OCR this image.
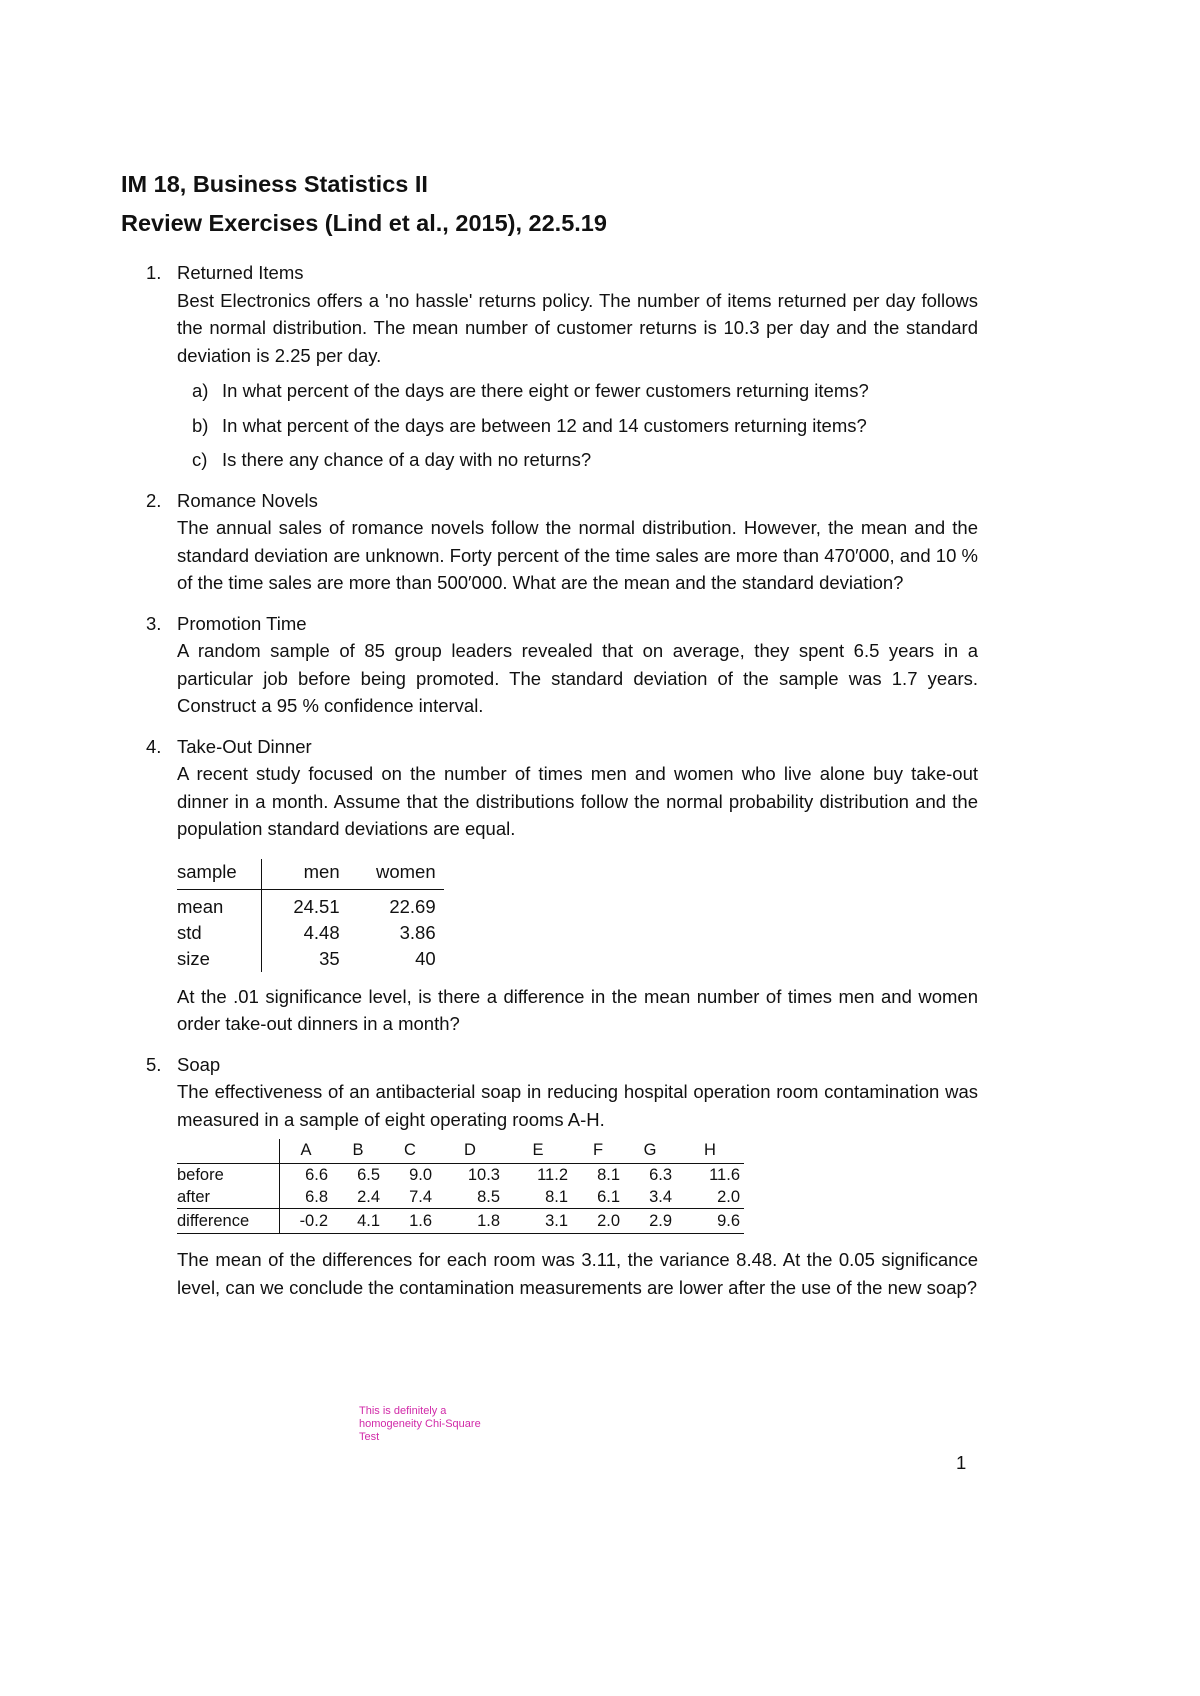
IM 18, Business Statistics II

Review Exercises (Lind et al., 2015), 22.5.19

1. Returned Items
Best Electronics offers a 'no hassle' returns policy. The number of items returned per day follows the normal distribution. The mean number of customer returns is 10.3 per day and the standard deviation is 2.25 per day.
a) In what percent of the days are there eight or fewer customers returning items?
b) In what percent of the days are between 12 and 14 customers returning items?
c) Is there any chance of a day with no returns?
2. Romance Novels
The annual sales of romance novels follow the normal distribution. However, the mean and the standard deviation are unknown. Forty percent of the time sales are more than 470′000, and 10 % of the time sales are more than 500′000. What are the mean and the standard deviation?
3. Promotion Time
A random sample of 85 group leaders revealed that on average, they spent 6.5 years in a particular job before being promoted. The standard deviation of the sample was 1.7 years. Construct a 95 % confidence interval.
4. Take-Out Dinner
A recent study focused on the number of times men and women who live alone buy take-out dinner in a month. Assume that the distributions follow the normal probability distribution and the population standard deviations are equal.
sample	men	women
mean	24.51	22.69
std	4.48	3.86
size	35	40
At the .01 significance level, is there a difference in the mean number of times men and women order take-out dinners in a month?
5. Soap
The effectiveness of an antibacterial soap in reducing hospital operation room contamination was measured in a sample of eight operating rooms A-H.
	A	B	C	D	E	F	G	H
before	6.6	6.5	9.0	10.3	11.2	8.1	6.3	11.6
after	6.8	2.4	7.4	8.5	8.1	6.1	3.4	2.0
difference	-0.2	4.1	1.6	1.8	3.1	2.0	2.9	9.6
The mean of the differences for each room was 3.11, the variance 8.48. At the 0.05 significance level, can we conclude the contamination measurements are lower after the use of the new soap?
This is definitely a homogeneity Chi-Square Test
1
